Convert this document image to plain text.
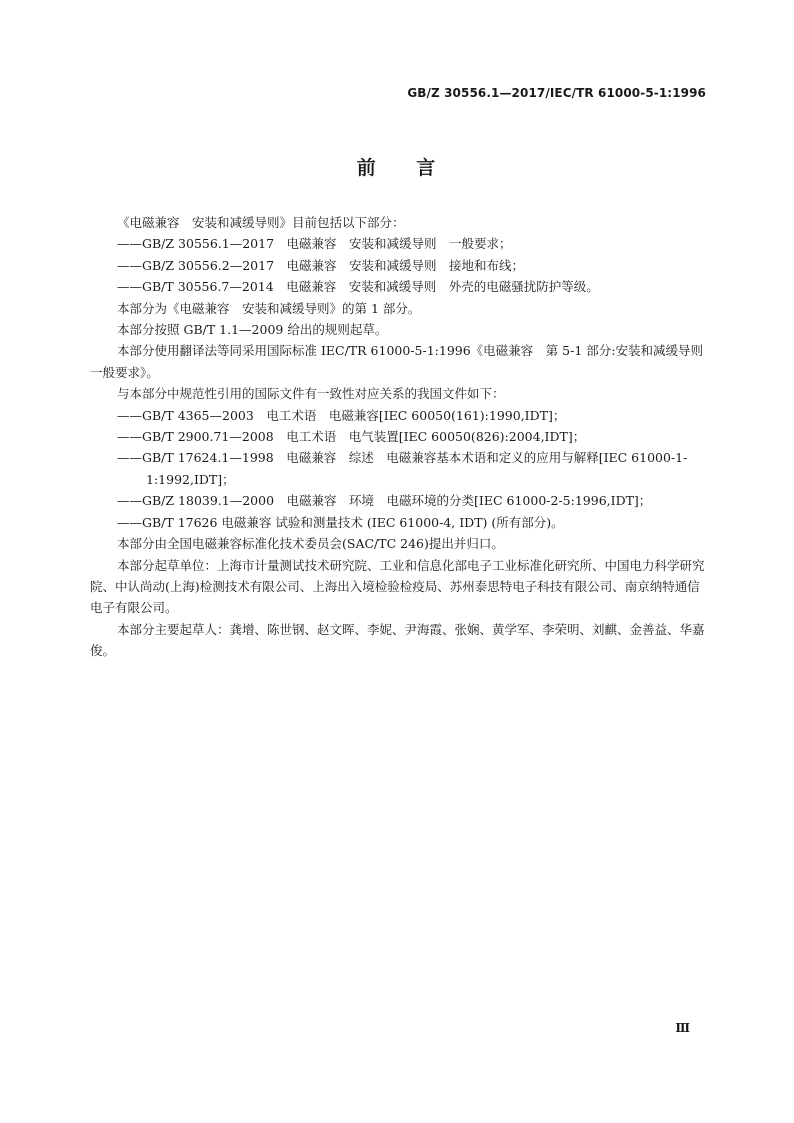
GB/Z 30556.1—2017/IEC/TR 61000-5-1:1996
前 言

《电磁兼容　安装和减缓导则》目前包括以下部分：

——GB/Z 30556.1—2017　电磁兼容　安装和减缓导则　一般要求；

——GB/Z 30556.2—2017　电磁兼容　安装和减缓导则　接地和布线；

——GB/T 30556.7—2014　电磁兼容　安装和减缓导则　外壳的电磁骚扰防护等级。

本部分为《电磁兼容　安装和减缓导则》的第 1 部分。

本部分按照 GB/T 1.1—2009 给出的规则起草。

本部分使用翻译法等同采用国际标准 IEC/TR 61000-5-1:1996《电磁兼容　第 5-1 部分:安装和减缓导则　一般要求》。

与本部分中规范性引用的国际文件有一致性对应关系的我国文件如下：

——GB/T 4365—2003　电工术语　电磁兼容[IEC 60050(161):1990,IDT]；

——GB/T 2900.71—2008　电工术语　电气装置[IEC 60050(826):2004,IDT]；

——GB/T 17624.1—1998　电磁兼容　综述　电磁兼容基本术语和定义的应用与解释[IEC 61000-1-1:1992,IDT]；

——GB/Z 18039.1—2000　电磁兼容　环境　电磁环境的分类[IEC 61000-2-5:1996,IDT]；

——GB/T 17626 电磁兼容 试验和测量技术 (IEC 61000-4, IDT) (所有部分)。

本部分由全国电磁兼容标准化技术委员会(SAC/TC 246)提出并归口。

本部分起草单位：上海市计量测试技术研究院、工业和信息化部电子工业标准化研究所、中国电力科学研究院、中认尚动(上海)检测技术有限公司、上海出入境检验检疫局、苏州泰思特电子科技有限公司、南京纳特通信电子有限公司。

本部分主要起草人：龚增、陈世钢、赵文晖、李妮、尹海霞、张娴、黄学军、李荣明、刘麒、金善益、华嘉俊。

Ⅲ
